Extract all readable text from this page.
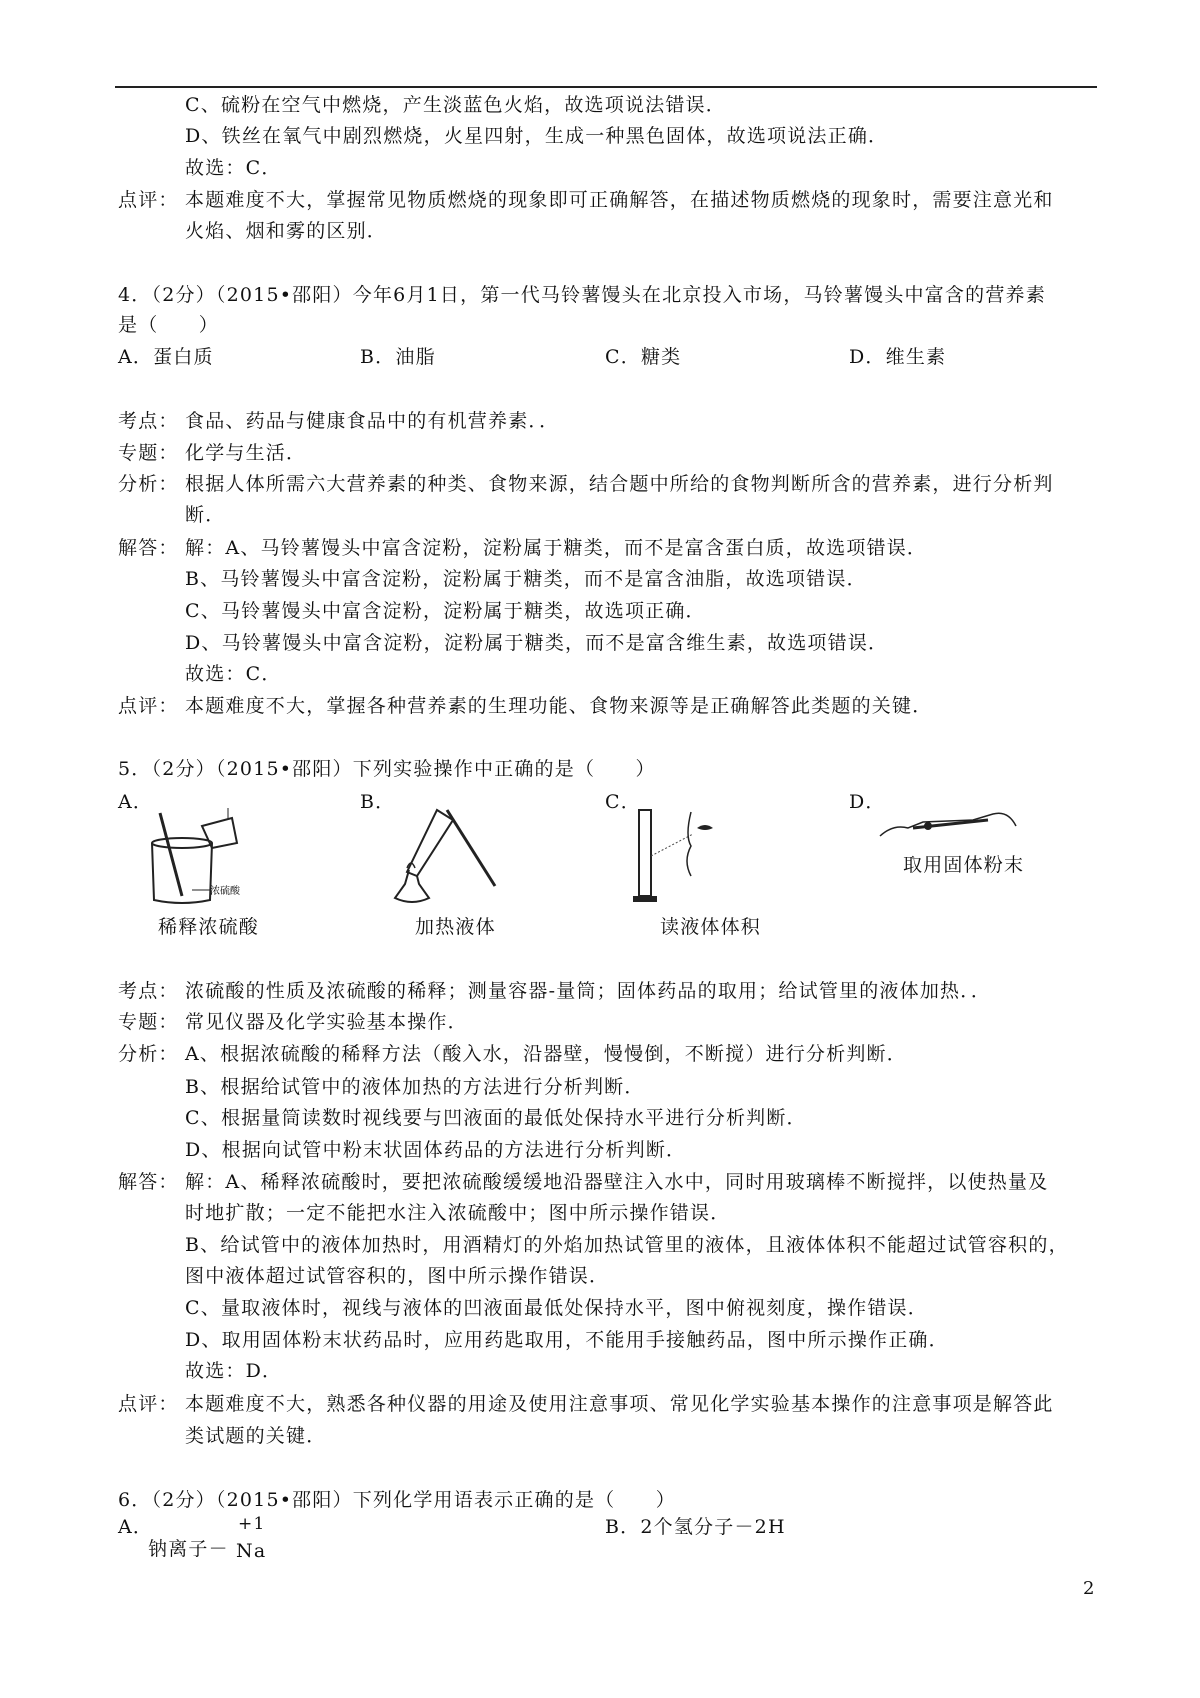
C、硫粉在空气中燃烧，产生淡蓝色火焰，故选项说法错误．
D、铁丝在氧气中剧烈燃烧，火星四射，生成一种黑色固体，故选项说法正确．
故选：C．
点评： 本题难度不大，掌握常见物质燃烧的现象即可正确解答，在描述物质燃烧的现象时，需要注意光和
火焰、烟和雾的区别．
4．（2分）（2015•邵阳）今年6月1日，第一代马铃薯馒头在北京投入市场，马铃薯馒头中富含的营养素
是（　　）
A．蛋白质	B．油脂	C．糖类	D．维生素
考点： 食品、药品与健康食品中的有机营养素．．
专题： 化学与生活．
分析： 根据人体所需六大营养素的种类、食物来源，结合题中所给的食物判断所含的营养素，进行分析判
断．
解答： 解：A、马铃薯馒头中富含淀粉，淀粉属于糖类，而不是富含蛋白质，故选项错误．
B、马铃薯馒头中富含淀粉，淀粉属于糖类，而不是富含油脂，故选项错误．
C、马铃薯馒头中富含淀粉，淀粉属于糖类，故选项正确．
D、马铃薯馒头中富含淀粉，淀粉属于糖类，而不是富含维生素，故选项错误．
故选：C．
点评： 本题难度不大，掌握各种营养素的生理功能、食物来源等是正确解答此类题的关键．
5．（2分）（2015•邵阳）下列实验操作中正确的是（　　）
A．	B．	C．	D．
浓硫酸
稀释浓硫酸	加热液体	读液体体积
取用固体粉末
考点： 浓硫酸的性质及浓硫酸的稀释；测量容器-量筒；固体药品的取用；给试管里的液体加热．．
专题： 常见仪器及化学实验基本操作．
分析： A、根据浓硫酸的稀释方法（酸入水，沿器壁，慢慢倒，不断搅）进行分析判断．
B、根据给试管中的液体加热的方法进行分析判断．
C、根据量筒读数时视线要与凹液面的最低处保持水平进行分析判断．
D、根据向试管中粉末状固体药品的方法进行分析判断．
解答： 解：A、稀释浓硫酸时，要把浓硫酸缓缓地沿器壁注入水中，同时用玻璃棒不断搅拌，以使热量及
时地扩散；一定不能把水注入浓硫酸中；图中所示操作错误．
B、给试管中的液体加热时，用酒精灯的外焰加热试管里的液体，且液体体积不能超过试管容积的，
图中液体超过试管容积的，图中所示操作错误．
C、量取液体时，视线与液体的凹液面最低处保持水平，图中俯视刻度，操作错误．
D、取用固体粉末状药品时，应用药匙取用，不能用手接触药品，图中所示操作正确．
故选：D．
点评： 本题难度不大，熟悉各种仪器的用途及使用注意事项、常见化学实验基本操作的注意事项是解答此
类试题的关键．
6．（2分）（2015•邵阳）下列化学用语表示正确的是（　　）
A．
钠离子－
+1
Na
B．2个氢分子－2H
2
